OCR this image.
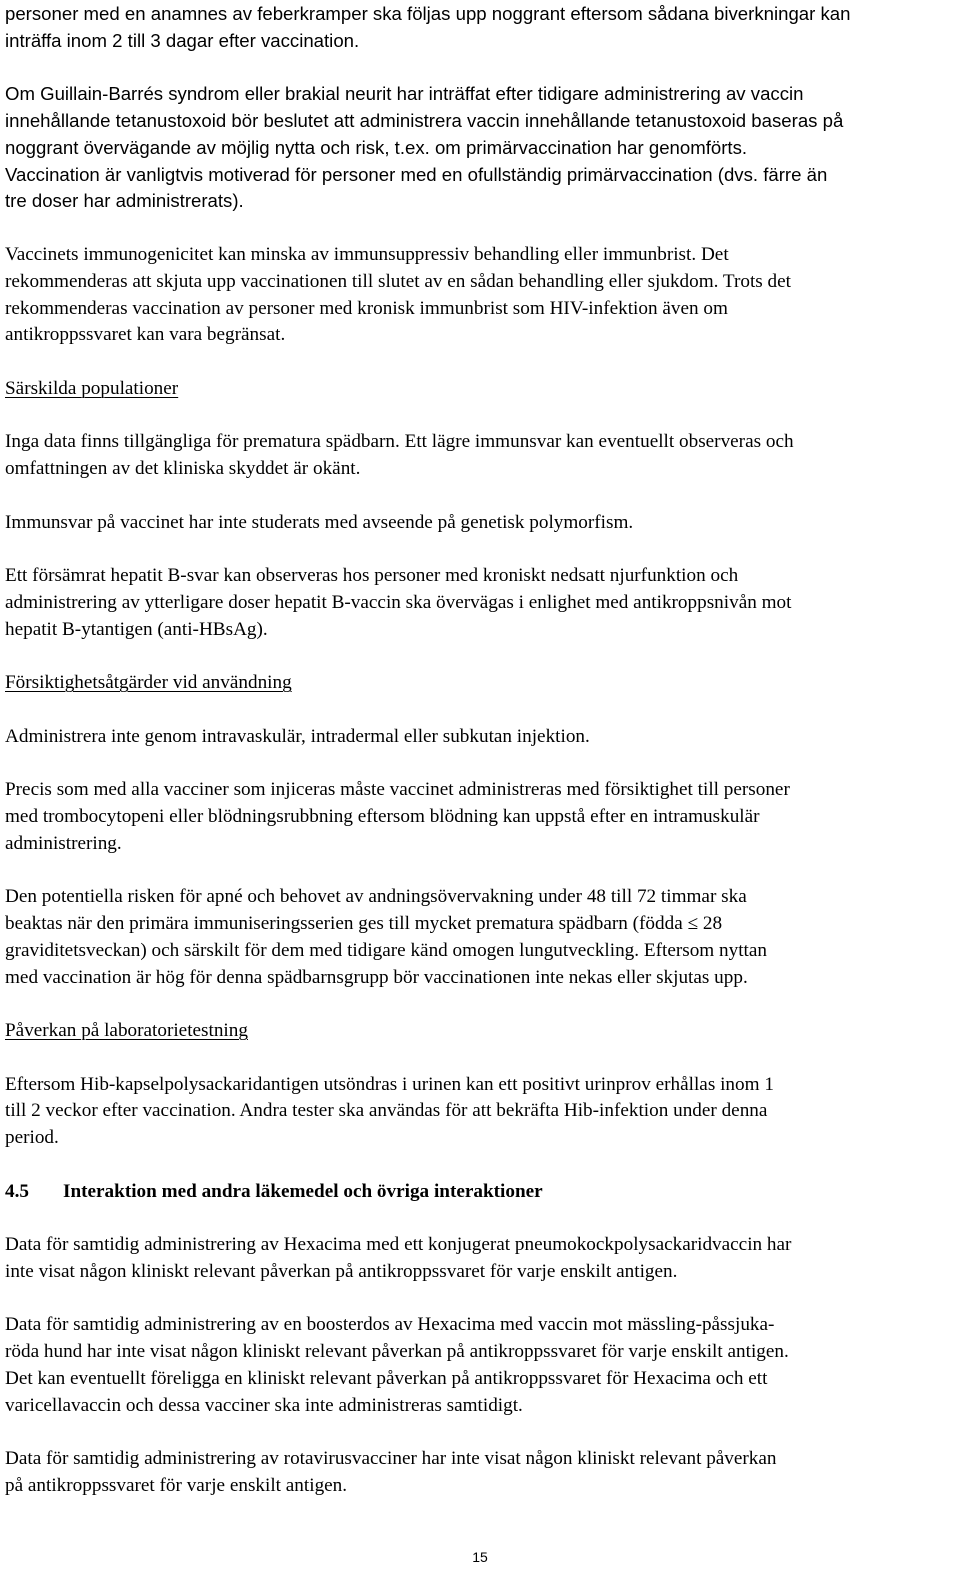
personer med en anamnes av feberkramper ska följas upp noggrant eftersom sådana biverkningar kan

inträffa inom 2 till 3 dagar efter vaccination.

Om Guillain-Barrés syndrom eller brakial neurit har inträffat efter tidigare administrering av vaccin

innehållande tetanustoxoid bör beslutet att administrera vaccin innehållande tetanustoxoid baseras på

noggrant övervägande av möjlig nytta och risk, t.ex. om primärvaccination har genomförts.

Vaccination är vanligtvis motiverad för personer med en ofullständig primärvaccination (dvs. färre än

tre doser har administrerats).

Vaccinets immunogenicitet kan minska av immunsuppressiv behandling eller immunbrist. Det

rekommenderas att skjuta upp vaccinationen till slutet av en sådan behandling eller sjukdom. Trots det

rekommenderas vaccination av personer med kronisk immunbrist som HIV-infektion även om

antikroppssvaret kan vara begränsat.

Särskilda populationer

Inga data finns tillgängliga för prematura spädbarn. Ett lägre immunsvar kan eventuellt observeras och

omfattningen av det kliniska skyddet är okänt.

Immunsvar på vaccinet har inte studerats med avseende på genetisk polymorfism.

Ett försämrat hepatit B-svar kan observeras hos personer med kroniskt nedsatt njurfunktion och

administrering av ytterligare doser hepatit B-vaccin ska övervägas i enlighet med antikroppsnivån mot

hepatit B-ytantigen (anti-HBsAg).

Försiktighetsåtgärder vid användning

Administrera inte genom intravaskulär, intradermal eller subkutan injektion.

Precis som med alla vacciner som injiceras måste vaccinet administreras med försiktighet till personer

med trombocytopeni eller blödningsrubbning eftersom blödning kan uppstå efter en intramuskulär

administrering.

Den potentiella risken för apné och behovet av andningsövervakning under 48 till 72 timmar ska

beaktas när den primära immuniseringsserien ges till mycket prematura spädbarn (födda ≤ 28

graviditetsveckan) och särskilt för dem med tidigare känd omogen lungutveckling. Eftersom nyttan

med vaccination är hög för denna spädbarnsgrupp bör vaccinationen inte nekas eller skjutas upp.

Påverkan på laboratorietestning

Eftersom Hib-kapselpolysackaridantigen utsöndras i urinen kan ett positivt urinprov erhållas inom 1

till 2 veckor efter vaccination. Andra tester ska användas för att bekräfta Hib-infektion under denna

period.

4.5 Interaktion med andra läkemedel och övriga interaktioner

Data för samtidig administrering av Hexacima med ett konjugerat pneumokockpolysackaridvaccin har

inte visat någon kliniskt relevant påverkan på antikroppssvaret för varje enskilt antigen.

Data för samtidig administrering av en boosterdos av Hexacima med vaccin mot mässling-påssjuka-

röda hund har inte visat någon kliniskt relevant påverkan på antikroppssvaret för varje enskilt antigen.

Det kan eventuellt föreligga en kliniskt relevant påverkan på antikroppssvaret för Hexacima och ett

varicellavaccin och dessa vacciner ska inte administreras samtidigt.

Data för samtidig administrering av rotavirusvacciner har inte visat någon kliniskt relevant påverkan

på antikroppssvaret för varje enskilt antigen.

15
